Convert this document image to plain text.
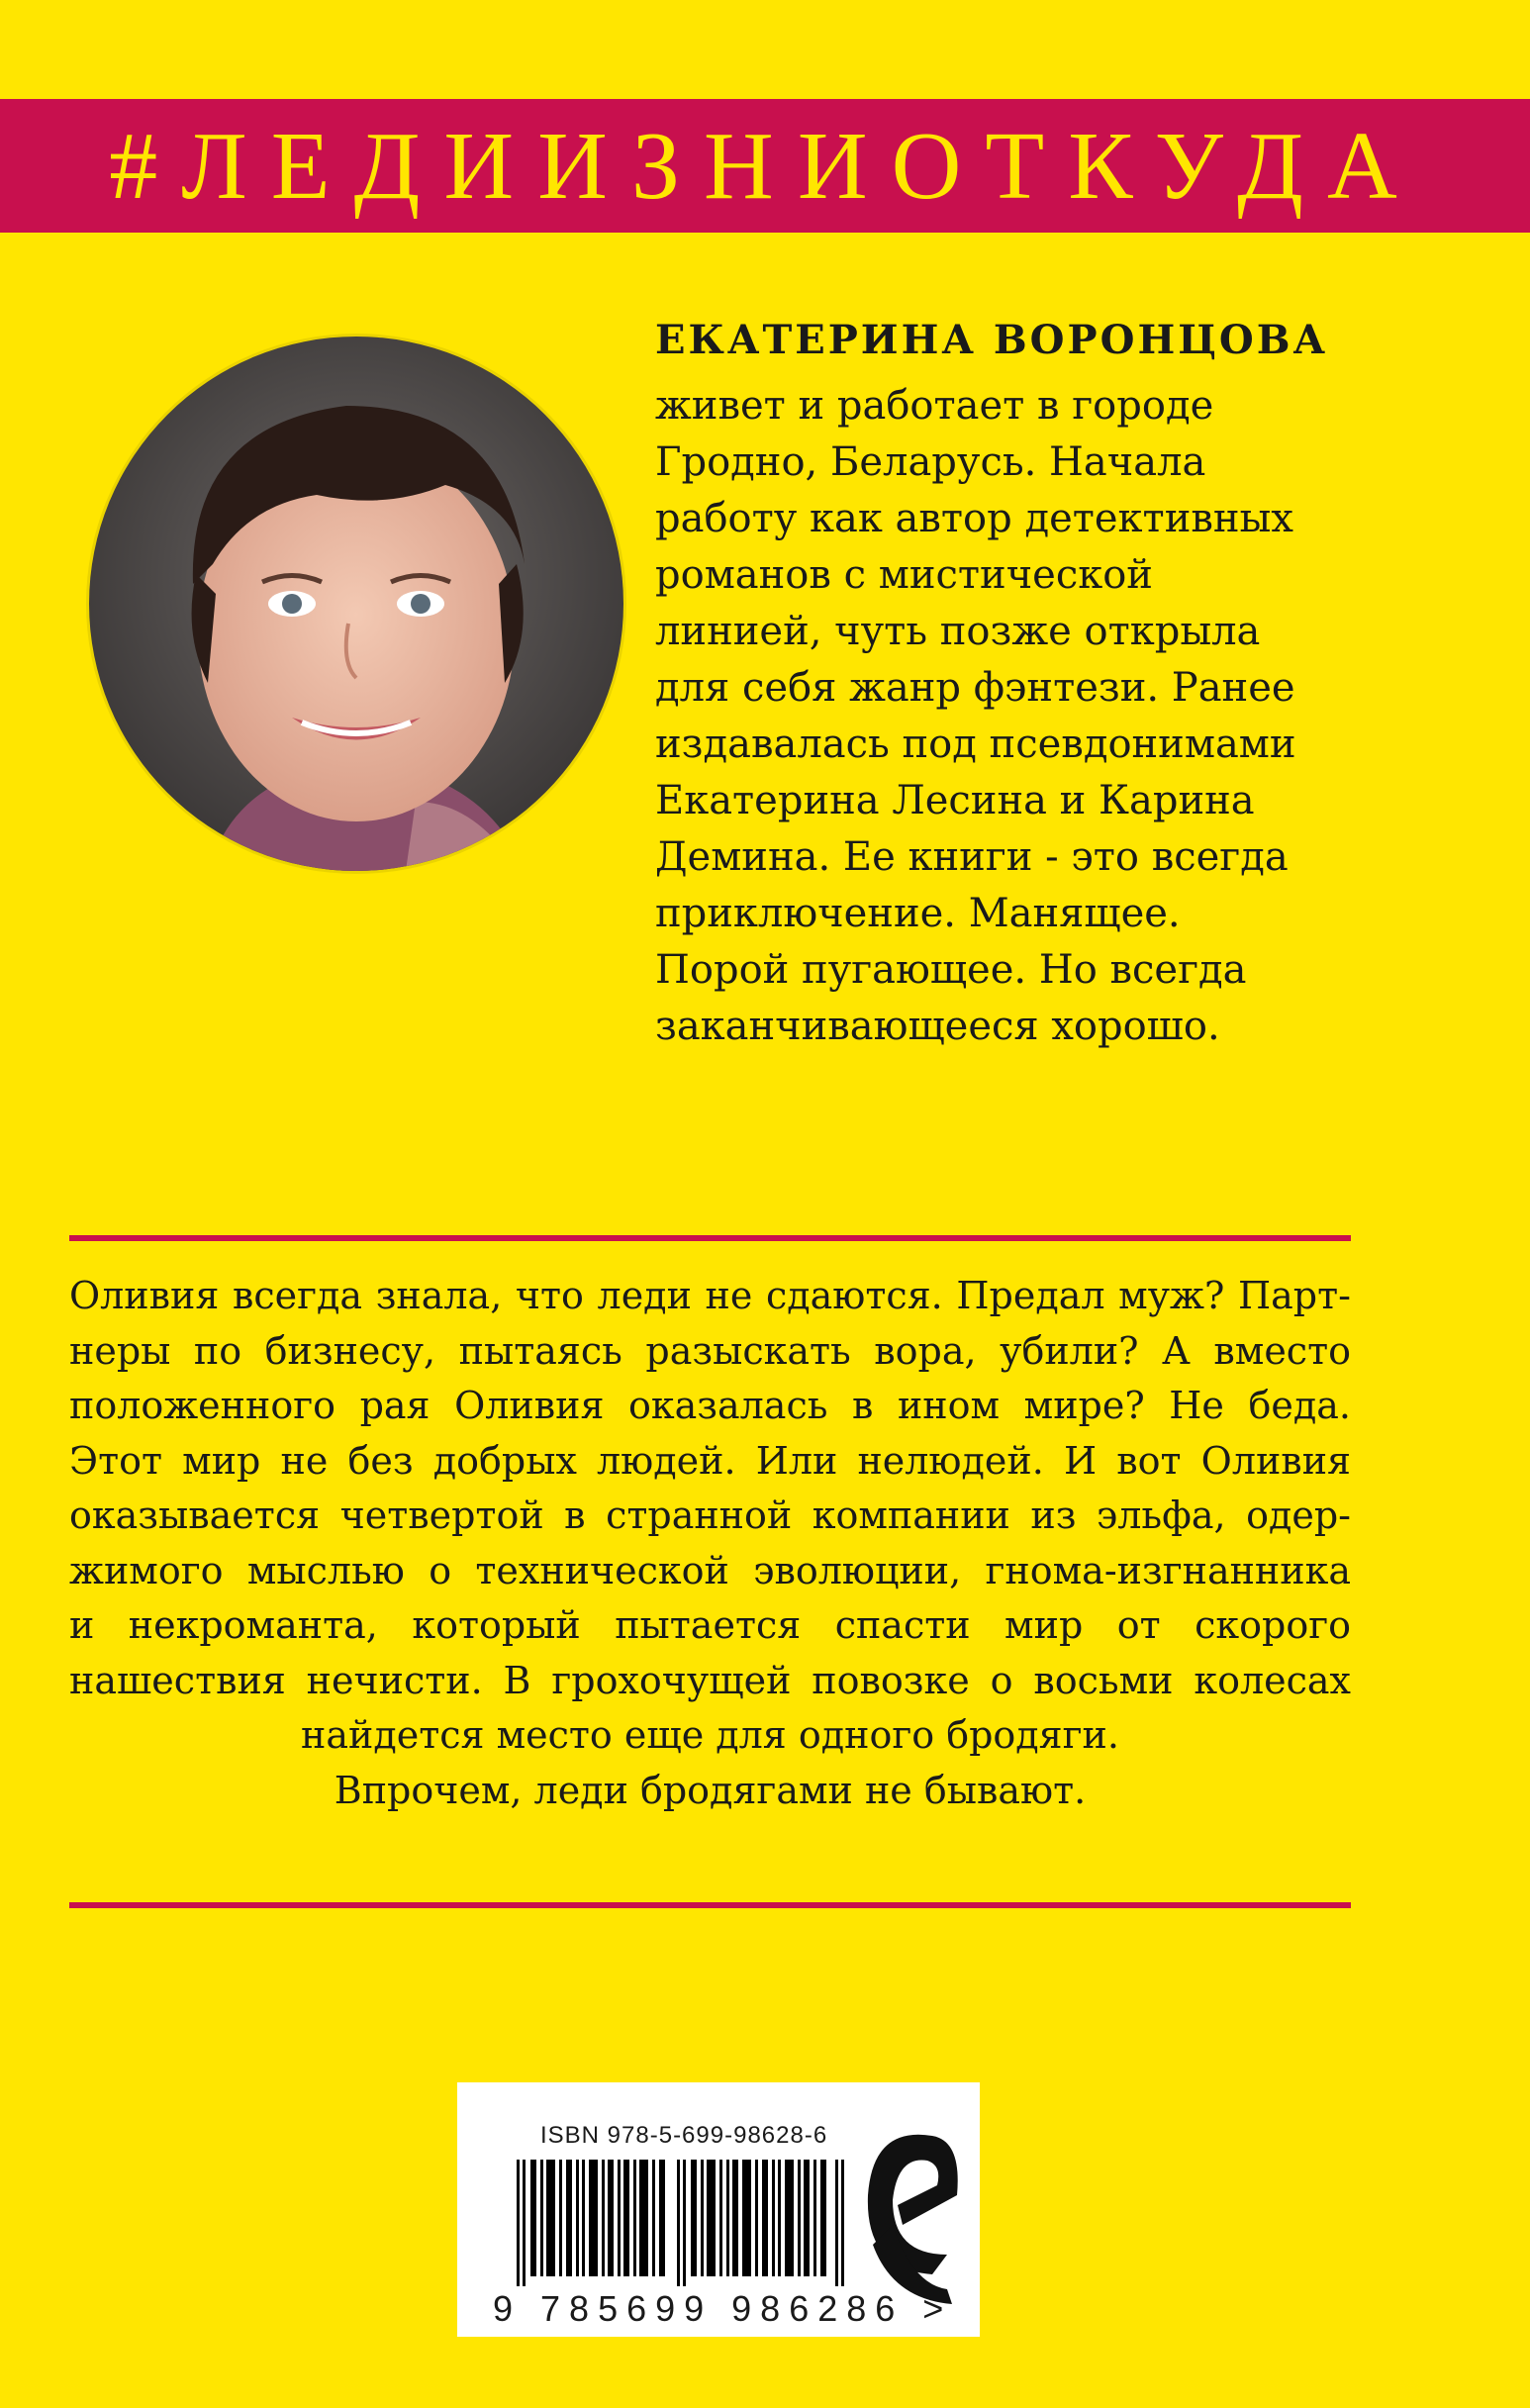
#ЛЕДИИЗНИОТКУДА
ЕКАТЕРИНА ВОРОНЦОВА

живет и работает в городе
Гродно, Беларусь. Начала
работу как автор детективных
романов с мистической
линией, чуть позже открыла
для себя жанр фэнтези. Ранее
издавалась под псевдонимами
Екатерина Лесина и Карина
Демина. Ее книги - это всегда
приключение. Манящее.
Порой пугающее. Но всегда
заканчивающееся хорошо.

Оливия всегда знала, что леди не сдаются. Предал муж? Парт-
неры по бизнесу, пытаясь разыскать вора, убили? А вместо
положенного рая Оливия оказалась в ином мире? Не беда.
Этот мир не без добрых людей. Или нелюдей. И вот Оливия
оказывается четвертой в странной компании из эльфа, одер-
жимого мыслью о технической эволюции, гнома-изгнанника
и некроманта, который пытается спасти мир от скорого
нашествия нечисти. В грохочущей повозке о восьми колесах
найдется место еще для одного бродяги.
Впрочем, леди бродягами не бывают.
ISBN 978-5-699-98628-6
9 785699 986286 >
